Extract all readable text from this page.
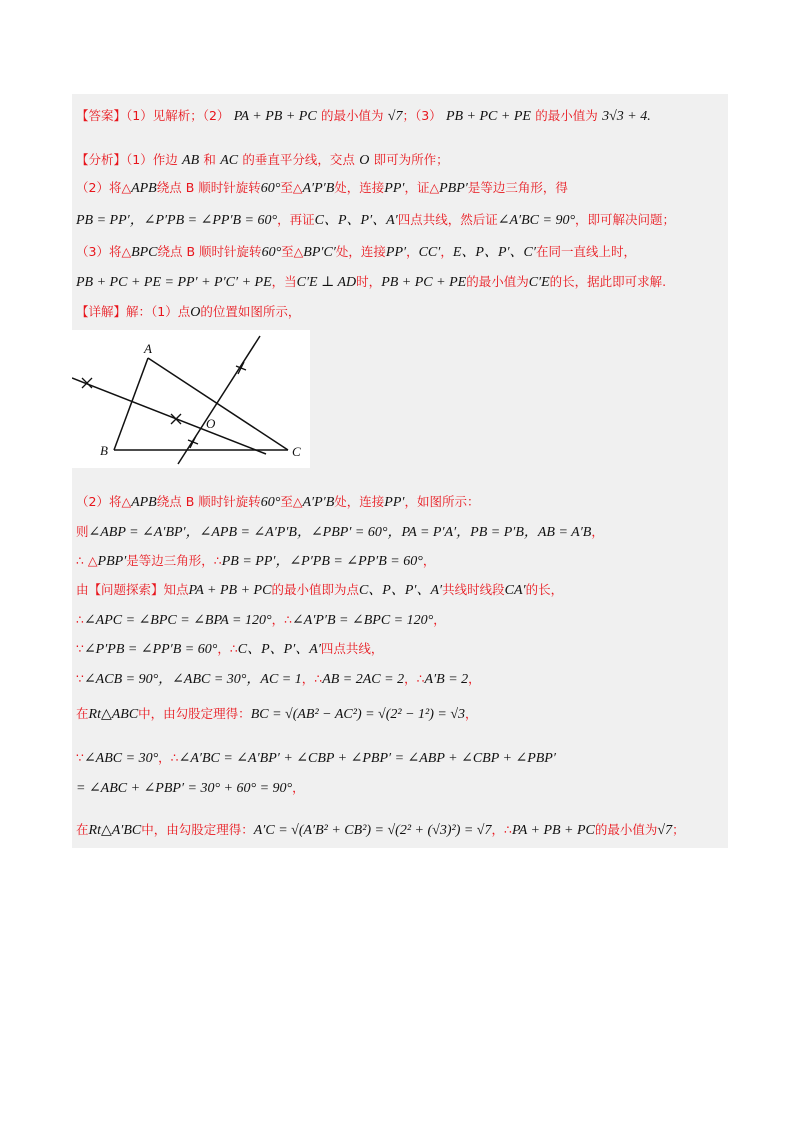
【答案】（1）见解析；（2） PA + PB + PC 的最小值为 √7；（3） PB + PC + PE 的最小值为 3√3 + 4.
【分析】（1）作边 AB 和 AC 的垂直平分线，交点 O 即可为所作；
（2）将△APB绕点 B 顺时针旋转60°至△A′P′B处，连接PP′，证△PBP′是等边三角形，得
PB = PP′，∠P′PB = ∠PP′B = 60°，再证C、P、P′、A′四点共线，然后证∠A′BC = 90°，即可解决问题；
（3）将△BPC绕点 B 顺时针旋转60°至△BP′C′处，连接PP′，CC′，E、P、P′、C′在同一直线上时，
PB + PC + PE = PP′ + P′C′ + PE，当C′E ⊥ AD时，PB + PC + PE的最小值为C′E的长，据此即可求解.
【详解】解：（1）点O的位置如图所示，
A
B	C
O
（2）将△APB绕点 B 顺时针旋转60°至△A′P′B处，连接PP′，如图所示：
则∠ABP = ∠A′BP′，∠APB = ∠A′P′B，∠PBP′ = 60°，PA = P′A′，PB = P′B，AB = A′B，
∴ △PBP′是等边三角形，∴PB = PP′，∠P′PB = ∠PP′B = 60°，
由【问题探索】知点PA + PB + PC的最小值即为点C、P、P′、A′共线时线段CA′的长，
∴∠APC = ∠BPC = ∠BPA = 120°，∴∠A′P′B = ∠BPC = 120°，
∵∠P′PB = ∠PP′B = 60°，∴C、P、P′、A′四点共线，
∵∠ACB = 90°，∠ABC = 30°，AC = 1，∴AB = 2AC = 2，∴A′B = 2，
在Rt△ABC中，由勾股定理得：BC = √(AB² − AC²) = √(2² − 1²) = √3，
∵∠ABC = 30°，∴∠A′BC = ∠A′BP′ + ∠CBP + ∠PBP′ = ∠ABP + ∠CBP + ∠PBP′
= ∠ABC + ∠PBP′ = 30° + 60° = 90°，
在Rt△A′BC中，由勾股定理得：A′C = √(A′B² + CB²) = √(2² + (√3)²) = √7，∴PA + PB + PC的最小值为√7；
